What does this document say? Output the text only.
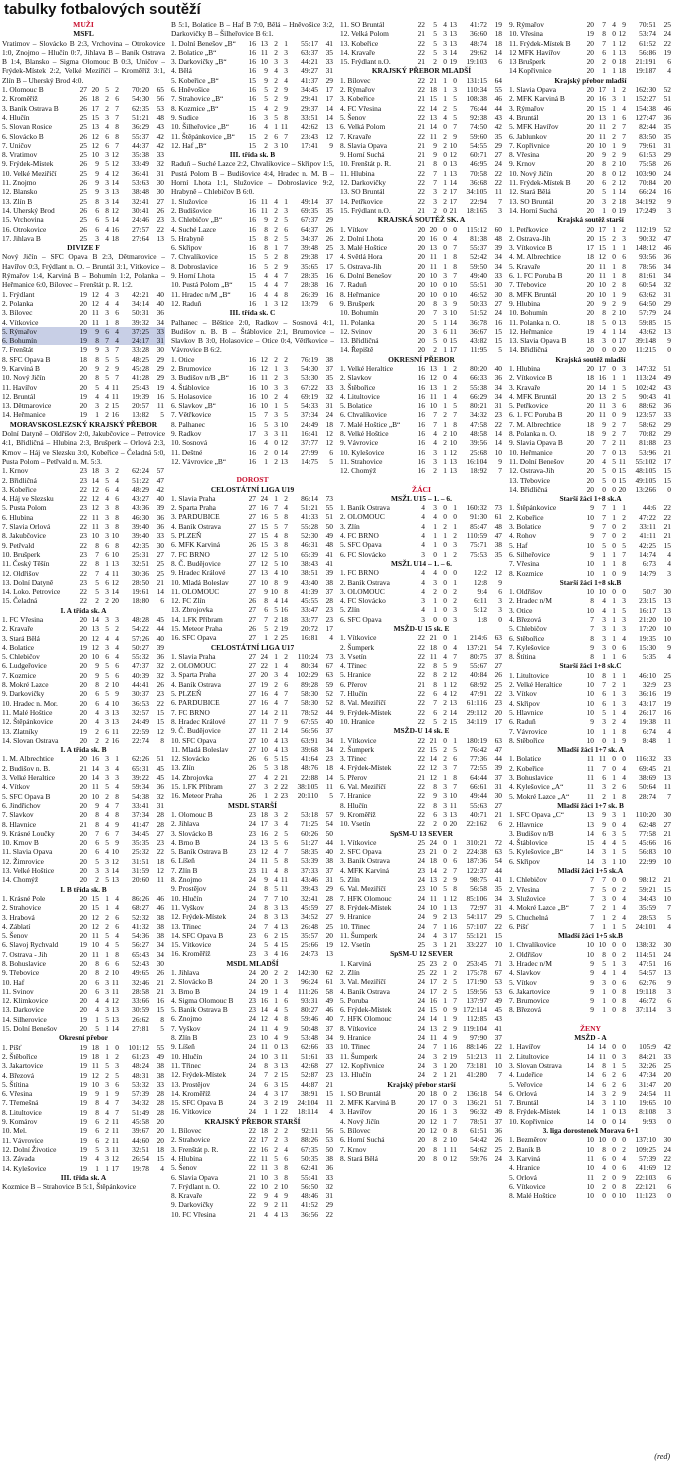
tabulky fotbalových soutěží
MUŽI
MSFL
Vratimov – Slovácko B 2:3, Vrchovina – Otrokovice 1:0, Znojmo – Hlučín 0:7, Jihlava B – Baník Ostrava B 1:4, Blansko – Sigma Olomouc B 0:3, Uničov – Frýdek-Místek 2:2, Velké Meziříčí – Kroměříž 3:1, Zlín B – Uherský Brod 4:0.
1. Olomouc B	27 20 5 2	70:20	65
2. Kroměříž	26 18 2 6	54:30	56
3. Baník Ostrava B	26 17 2 7	62:35	53
4. Hlučín	25 15 3 7	51:21	48
5. Slovan Rosice	25 13 4 8	36:29	43
6. Slovácko B	26 12 6 8	55:37	42
7. Uničov	25 12 6 7	44:37	42
8. Vratimov	25 10 3 12	35:38	33
9. Frýdek-Místek	26	9 5 12	33:49	32
10. Velké Meziříčí	25	9 4 12	36:41	31
11. Znojmo	26	9 3 14	53:63	30
12. Blansko	25	9 3 13	38:48	30
13. Zlín B	25	8 3 14	32:41	27
14. Uherský Brod	26	6 8 12	30:41	26
15. Vrchovina	25	6 5 14	24:46	23
16. Otrokovice	26	6 4 16	27:57	22
17. Jihlava B	25	3 4 18	27:64	13
DIVIZE F
Nový Jičín – SFC Opava B 2:3, Dětmarovice – Havířov 0:3, Frýdlant n. O. – Bruntál 3:1, Vítkovice – Rýmařov 1:4, Karviná B – Bohumín 1:2, Polanka – Heřmanice 6:0, Bílovec – Frenštát p. R. 1:2.
1. Frýdlant	19 12 4 3	42:21	40
2. Polanka	20 12 4 4	34:14	40
3. Bílovec	20 11 3 6	50:31	36
4. Vítkovice	20 11 1 8	39:32	34
5. Rýmařov	19	9 6 4	37:25	33
6. Bohumín	19	8 7 4	24:17	31
7. Frenštát	19	9 3 7	33:28	30
8. SFC Opava B	18	8 5 5	48:25	29
9. Karviná B	20	9 2 9	45:28	29
10. Nový Jičín	20	8 5 7	41:28	29
11. Havířov	20	5 4 11	25:43	19
12. Bruntál	19	4 4 11	19:39	16
13. Dětmarovice	20	3 2 15	20:57	11
14. Heřmanice	19	1 2 16	13:82	5
MORAVSKOSLEZSKÝ KRAJSKÝ PŘEBOR
Dolní Datyně – Oldřišov 2:0, Jakubčovice – Petrovice 4:1, Břidličná – Hlubina 2:3, Brušperk – Orlová 2:3, Krnov – Háj ve Slezsku 3:0, Kobeřice – Čeladná 5:0, Pusta Polom – Petřvald n. M. 5:3.
1. Krnov	23 18 3 2	62:24	57
2. Břidličná	23 14 5 4	51:22	47
3. Kobeřice	22 12 6 4	48:29	42
4. Háj ve Slezsku	22 12 4 6	43:27	40
5. Pusta Polom	23 12 3 8	43:36	39
6. Hlubina	22 11 3 8	46:30	36
7. Slavia Orlová	22 11 3 8	39:40	36
8. Jakubčovice	23 10 3 10	39:40	33
9. Petřvald	22	8 6 8	42:35	30
10. Brušperk	23	7 6 10	25:31	27
11. Český Těšín	22	8 1 13	32:51	25
12. Oldřišov	22	7 4 11	30:36	25
13. Dolní Datyně	23	5 6 12	28:50	21
14. Loko. Petrovice	22	5 3 14	19:61	14
15. Čeladná	22	2 2 20	18:80	6
I. A třída sk. A
1. FC Vřesina	20 14 3 3	48:28	45
2. Kravaře	20 13 5 2	54:22	44
3. Stará Bělá	20 12 4 4	57:26	40
4. Bolatice	19 12 3 4	50:27	39
5. Chlebičov	20 10 6 4	55:32	36
6. Ludgeřovice	20	9 5 6	47:37	32
7. Kozmice	20	9 5 6	40:39	32
8. Mokré Lazce	20	8 2 10	44:41	26
9. Darkovičky	20	6 5 9	30:37	23
10. Hradec n. Mor.	20	6 4 10	36:53	22
11. Malé Hoštice	20	4 3 13	32:57	15
12. Štěpánkovice	20	4 3 13	24:49	15
13. Zlatníky	19	2 6 11	22:59	12
14. Slovan Ostrava	20	2 2 16	22:74	8
I. A třída sk. B
1. M. Albrechtice	20 16 3 1	62:26	51
2. Budišov n. B.	21 14 3 4	65:31	45
3. Velké Heraltice	20 14 3 3	39:22	45
4. Vítkov	20 11 5 4	59:34	36
5. SFC Opava B	20 10 2 8	54:38	32
6. Jindřichov	20	9 4 7	33:41	31
7. Slavkov	20	8 4 8	37:34	28
8. Hlavnice	21	8 4 9	41:47	28
9. Krásné Loučky	20	7 6 7	34:45	27
10. Krnov B	20	6 5 9	35:35	23
11. Slavia Opava	20	6 4 10	25:32	22
12. Žimrovice	20	5 3 12	31:51	18
13. Velké Hoštice	20	3 3 14	31:59	12
14. Chomýž	20	2 5 13	20:60	11
I. B třída sk. B
1. Krásné Pole	20 15 1 4	86:26	46
2. Strahovice	20 15 1 4	68:27	46
3. Hrabová	20 12 2 6	52:32	38
4. Záblatí	20 12 2 6	41:32	38
5. Šenov	20 11 5 4	54:36	38
6. Slavoj Rychvald	19 10 4 5	56:27	34
7. Ostrava - Jih	20 11 1 8	65:43	34
8. Bohuslavice	20	8 6 6	52:43	30
9. Třebovice	20	8 2 10	49:65	26
10. Haf	20	6 3 11	32:46	21
11. Svinov	20	6 3 11	28:58	21
12. Klimkovice	20	4 4 12	33:66	16
13. Darkovice	20	4 3 13	30:59	15
14. Silherovice	19	1 5 13	26:62	8
15. Dolní Benešov	20	5 1 14	27:81	5
Okresní přebor
1. Píšť	19 18 1 0	101:12	55
2. Štěbořice	19 18 1 2	61:23	49
3. Jakartovice	19 11 5 3	48:24	38
4. Březová	19 12 2 5	48:31	38
5. Štítina	19 10 3 6	53:32	33
6. Vřesina	19	9 1 9	57:39	28
7. Třemešná	19	8 4 7	34:32	28
8. Litultovice	19	8 4 7	51:49	28
9. Komárov	19	6 2 11	45:58	20
10. Mel.	19	6 2 11	39:67	20
11. Vávrovice	19	6 2 11	44:60	20
12. Dolní Životice	19	5 3 11	32:51	18
13. Závada	19	4 3 12	26:54	15
14. Kylešovice	19	1 1 17	19:78	4
III. třída sk. A
Kozmice B – Strahovice B 5:1, Štěpánkovice
B 5:1, Bolatice B – Haf B 7:0, Bělá – Hněvošice 3:2, Darkovičky B – Šilheřovice B 6:1.
1. Dolní Benešov „B“	16 13 2 1	55:17	41
2. Bolatice „B“	16 11 2 3	63:37	35
3. Darkovičky „B“	16 10 3 3	44:21	33
4. Bělá	16	9 4 3	49:27	31
5. Kobeřice „B“	15	9 2 4	41:37	29
6. Hněvošice	16	5 2 9	34:45	17
7. Strahovice „B“	16	5 2 9	29:41	17
8. Kozmice „B“	15	4 2 9	29:37	14
9. Sudice	16	3 5 8	33:51	14
10. Šilheřovice „B“	16	4 1 11	42:62	13
11. Štěpánkovice „B“	15	2 6 7	23:43	12
12. Haf „B“	15	2 3 10	17:41	9
III. třída sk. B
Raduň – Suché Lazce 2:2, Chvalíkovice – Skřipov 1:5, Pustá Polom B – Budišovice 4:4, Hradec n. M. B – Horní Lhota 1:1, Služovice – Dobroslavice 9:2, Hrabyně – Chlebičov B 6:0.
1. Služovice	16 11 4 1	49:14	37
2. Budišovice	16 11 2 3	69:35	35
3. Chlebičov „B“	16	9 2 5	67:37	29
4. Suché Lazce	16	8 2 6	64:37	26
5. Hrabyně	15	8 2 5	34:37	26
6. Skřipov	16	8 1 7	39:48	25
7. Chvalíkovice	15	5 2 8	29:38	17
8. Dobroslavice	16	5 2 9	35:65	17
9. Horní Lhota	15	4 4 7	28:35	16
10. Pustá Polom „B“	15	4 4 7	28:38	16
11. Hradec n/M „B“	16	4 4 8	26:39	16
12. Raduň	16	1 3 12	13:79	6
III. třída sk. C
Palhanec – Běštice 2:0, Radkov – Sosnová 4:1, Budišov n. B. B – Štáblovice 2:1, Brumovice – Slavkov B 3:0, Holasovice – Otice 0:4, Větřkovice – Vávrovice B 6:2.
1. Otice	16 12 2 2	76:19	38
2. Brumovice	16 12 1 3	54:30	37
3. Budišov n/B „B“	16 11 2 3	53:30	35
4. Štáblovice	16 10 3 3	67:22	33
5. Holasovice	16 10 2 4	69:19	32
6. Slavkov „B“	16 10 1 5	54:33	31
7. Větřkovice	15	7 3 5	37:34	24
8. Palhanec	16	5 3 10	24:49	18
9. Radkov	17	3 3 11	16:41	12
10. Sosnová	16	4 0 12	37:77	12
11. Deštné	16	2 0 14	27:99	6
12. Vávrovice „B“	16	1 2 13	14:75	5
DOROST
CELOSTÁTNÍ LIGA U19
1. Slavia Praha	27 24 1 2	86:14	73
2. Sparta Praha	27 16 7 4	51:21	55
3. PARDUBICE	27 16 5 8	41:33	51
4. Baník Ostrava	27 15 5 7	55:28	50
5. PLZEŇ	27 15 4 8	52:30	49
6. MFK Karviná	26 15 3 8	46:31	48
7. FC BRNO	27 12 5 10	65:39	41
8. Č. Budějovice	27 12 5 10	38:43	41
9. Hradec Králové	27 13 4 10	38:51	39
10. Mladá Boleslav	27 10 8 9	43:40	38
11. OLOMOUC	27	9 10 8	41:39	37
12. FC Zlín	26	8 4 14	45:55	28
13. Zbrojovka	27	6 5 16	33:47	23
14. 1.FK Příbram	27	7 2 18	33:77	23
15. Meteor Praha	26	5 2 19	20:72	17
16. SFC Opava	27	1 2 25	16:81	4
CELOSTÁTNÍ LIGA U17
1. Slavia Praha	27 24 1 2	110:24	73
2. OLOMOUC	27 22 1 4	80:34	67
3. Sparta Praha	27 20 3 4	102:29	63
4. Baník Ostrava	27 19 2 6	89:28	59
5. PLZEŇ	27 16 4 7	58:30	52
6. PARDUBICE	27 16 4 7	58:30	52
7. FC BRNO	27 14 2 11	78:52	44
8. Hradec Králové	27 11 7 9	67:55	40
9. Č. Budějovice	27 11 2 14	56:56	37
10. SFC Opava	27 10 4 13	63:91	34
11. Mladá Boleslav	27 10 4 13	39:68	34
12. Slovácko	26	6 5 15	41:64	23
13. Zlín	26	5 3 18	48:76	18
14. Zbrojovka	27	4 2 21	22:88	14
15. 1.FK Příbram	27	3 2 22	38:105	11
16. Meteor Praha	26	1 2 23	20:110	5
MSDL STARŠÍ
1. Olomouc B	23 18 3 2	53:18	57
2. Jihlava	24 17 3 4	71:25	54
3. Slovácko B	23 16 2 5	60:26	50
4. Brno B	24 13 5 6	51:27	44
5. Baník Ostrava B	23 12 4 7	58:35	40
6. Líšeň	24 11 5 8	53:39	38
7. Zlín B	23 11 4 8	37:33	37
8. Znojmo	24	9 4 11	43:46	31
9. Prostějov	24	8 5 11	39:43	29
10. Hlučín	24	7 7 10	32:41	28
11. Vyškov	24	8 3 13	45:59	27
12. Frýdek-Místek	24	8 3 13	34:52	27
13. Třinec	24	7 4 13	26:48	25
14. SFC Opava B	23	6 2 15	35:57	20
15. Vítkovice	24	5 4 15	25:66	19
16. Kroměříž	23	3 4 16	24:73	13
MSDL MLADŠÍ
1. Jihlava	24 20 2 2	142:30	62
2. Slovácko B	24 20 1 3	96:24	61
3. Brno B	24 19 1 4	111:26	58
4. Sigma Olomouc B	23 16 1 6	93:31	49
5. Baník Ostrava B	23 14 4 5	80:27	46
6. Znojmo	24 12 4 8	59:46	40
7. Vyškov	24 11 4 9	50:48	37
8. Zlín B	23 10 4 9	53:48	34
9. Líšeň	24 11 0 13	62:66	33
10. Hlučín	24 10 3 11	51:61	33
11. Třinec	24	8 3 13	42:68	27
12. Frýdek-Místek	24	7 2 15	52:87	23
13. Prostějov	24	6 3 15	44:87	21
14. Kroměříž	24	4 3 17	38:91	15
15. SFC Opava B	24	3 2 19	24:104	11
16. Vítkovice	24	1 1 22	18:114	4
KRAJSKÝ PŘEBOR STARŠÍ
1. Bílovec	22 18 2 2	92:11	56
2. Strahovice	22 17 2 3	88:26	53
3. Frenštát p. R.	22 16 2 4	67:35	50
4. Hlubina	22 11 5 6	50:35	38
5. Šenov	22 11 3 8	62:41	36
6. Slavia Opava	21 10 3 8	55:41	33
7. Frýdlant n. O.	22 10 2 10	56:50	32
8. Kravaře	22	9 4 9	48:46	31
9. Darkovičky	22	9 2 11	41:52	29
10. FC Vřesina	21	4 4 13	36:56	22
11. SO Bruntál	22	5 4 13	41:72	19
12. Velká Polom	21	5 3 13	36:60	18
13. Kobeřice	22	5 3 13	48:74	18
14. Kravaře	22	5 3 14	29:62	14
15. Frýdlant n.O.	21	2 0 19	19:103	6
KRAJSKÝ PŘEBOR MLADŠÍ
1. Bílovec	22 21 1 0	131:15	64
2. Rýmařov	22 18 1 3	110:34	55
3. Kobeřice	21 15 1 5	108:38	46
4. FC Vřesina	22 14 2 5	76:44	44
5. Šenov	22 13 4 5	92:38	43
6. Velká Polom	21 14 0 7	74:50	42
7. Kravaře	22 11 2 9	59:60	35
8. Slavia Opava	21	9 2 10	54:55	29
9. Horní Suchá	21	9 0 12	60:71	27
10. Frenštát p. R.	21	8 0 13	46:95	24
11. Hlubina	22	7 1 13	70:58	22
12. Darkovičky	22	7 1 14	36:68	22
13. SO Bruntál	22	3 2 17	34:105	11
14. Petřkovice	22	3 2 17	22:94	7
15. Frýdlant n.O.	21	2 0 21	18:165	3
KRAJSKÁ SOUTĚŽ SK. A
1. Vítkov	20 20 0 0	115:12	60
2. Dolní Lhota	20 16 0 4	81:38	48
3. Malé Hoštice	20 13 0 7	55:37	39
4. Světlá Hora	20 11 1 8	52:42	34
5. Ostrava-Jih	20 11 1 8	59:50	34
6. Dolní Benešov	20 10 3 7	49:40	33
7. Raduň	20 10 0 10	55:51	30
8. Heřmanice	20 10 0 10	46:52	30
9. Brušperk	20	8 3 9	50:33	27
10. Bohumín	20	7 3 10	51:52	24
11. Polanka	20	5 1 14	36:78	16
12. Svinov	20	3 6 11	36:67	15
13. Břidličná	20	5 0 15	43:82	15
14. Řepiště	20	2 1 17	11:95	5
OKRESNÍ PŘEBOR
1. Velké Heraltice	16 13 1 2	80:20	40
2. Slavkov	16 12 0 4	66:33	36
3. Štěbořice	16 13 1 2	55:38	34
4. Litultovice	16 11 1 4	66:29	34
5. Bolatice	16 10 1 5	80:21	31
6. Chvalíkovice	16	7 2 7	34:32	23
7. Malé Hoštice „B“	16	7 1 8	47:58	22
8. Velké Hoštice	16	4 2 10	48:58	14
9. Vávrovice	16	4 2 10	39:56	14
10. Kylešovice	16	3 1 12	25:68	10
11. Strahovice	16	3 1 13	16:104	9
12. Chomýž	16	2 1 13	18:92	7
ŽÁCI
MSŽL U15 – 1. – 6.
1. Baník Ostrava	4	3 0 1	160:32	73
2. OLOMOUC	4	4 0 0	91:30	61
3. Zlín	4	1 2 1	85:47	48
4. FC BRNO	4	1 1 2	110:59	47
5. SFC Opava	4	1 0 3	75:71	38
6. FC Slovácko	3	0 1 2	75:53	35
MSŽL U14 – 1. – 6.
1. FC BRNO	4	4 0 0	12:2	12
2. Baník Ostrava	4	3 0 1	12:8	9
3. OLOMOUC	4	2 0 2	9:4	6
4. FC Slovácko	3	1 0 2	6:11	3
5. Zlín	4	1 0 3	5:12	3
6. SFC Opava	3	0 0 3	1:8	0
MSŽD-U 15 sk. E
1. Vítkovice	22 21 0 1	214:6	63
2. Šumperk	22 18 0 4	137:21	54
3. Vsetín	22 11 4 7	80:75	37
4. Třinec	22	8 5 9	55:67	27
5. Hranice	22	8 2 12	40:84	26
6. Přerov	21	8 1 12	68:92	25
7. Hlučín	22	6 4 12	47:91	22
8. Val. Meziříčí	22	7 2 13	61:116	23
9. Frýdek-Místek	22	6 2 14	29:112	20
10. Hranice	22	5 2 15	34:119	17
MSŽD-U 14 sk. E
1. Vítkovice	22 21 0 1	180:19	63
2. Šumperk	22 15 2 5	76:42	47
3. Třinec	22 14 2 6	77:36	44
4. Frýdek-Místek	22 12 3 7	72:55	39
5. Přerov	21 12 1 8	64:44	37
6. Val. Meziříčí	22	8 3 7	66:61	31
7. Hranice	22	9 3 10	49:44	30
8. Hlučín	22	8 3 11	55:63	27
9. Kroměříž	22	6 3 13	40:71	21
10. Vsetín	22	2 0 20	22:162	6
SpSM-U 13 SEVER
1. Vítkovice	25 24 0 1	310:21	72
2. SFC Opava	23 21 0 2	224:38	63
3. Baník Ostrava	24 18 0 6	187:36	54
4. MFK Karviná	23 14 2 7	122:37	44
5. Zlín	24 13 2 9	98:75	41
6. Val. Meziříčí	23 10 5 8	56:58	35
7. HFK Olomouc	24 11 1 12	85:106	34
8. Frýdek-Místek	24 10 1 13	72:97	31
9. Hranice	24	9 2 13	54:117	29
10. Třinec	24	7 1 16	57:107	22
11. Šumperk	24	4 3 17	55:121	15
12. Vsetín	25	3 1 21	33:227	10
SpSM-U 12 SEVER
1. Karviná	25 23 2 0	253:45	71
2. Zlín	25 22 1 2	175:78	67
3. Val. Meziříčí	24 17 2 5	171:90	53
4. Baník Ostrava	24 17 2 5	159:56	53
5. Poruba	24 16 1 7	137:97	49
6. Frýdek-Místek	24 15 0 9 172:114	45
7. HFK Olomouc	24 14 1 9	112:85	43
8. Vítkovice	24 13 2 9 119:104	41
9. Hranice	24 11 4 9	97:90	37
10. Třinec	24	7 1 16	88:146	22
11. Šumperk	24	3 2 19	51:213	11
12. Kopřivnice	24	3 1 20	73:181	10
13. Hlučín	24	2 1 21	41:280	7
Krajský přebor starší
1. SO Bruntál	20 18 0 2	136:18	54
2. MFK Karviná B	20 17 0 3	136:21	51
3. Havířov	20 16 1 3	96:32	49
4. Nový Jičín	20 12 1 7	78:51	37
5. Bílovec	20 12 0 8	61:51	36
6. Horní Suchá	20	8 2 10	54:42	26
7. Krnov	20	8 1 11	54:62	25
8. Stará Bělá	20	8 0 12	59:76	24
9. Rýmařov	20	7 4 9	70:51	25
10. Vřesina	19	8 0 12	53:74	24
11. Frýdek-Místek B	20	7 1 12	61:52	22
12 MFK Havířov	20	6 1 13	56:86	19
13 Brušperk	20	2 0 18	21:191	6
14 Kopřivnice	20	1 1 18	19:187	4
Krajský přebor mladší
1. Slavia Opava	20 17 1 2	162:30	52
2. MFK Karviná B	20 16 3 1	152:27	51
3. Rýmařov	20 15 1 4	154:38	46
4. Bruntál	20 13 1 6	127:47	36
5. MFK Havířov	20 11 2 7	82:44	35
6. Jablunkov	20 11 2 7	83:50	35
7. Kopřivnice	20 10 1 9	79:61	31
8. Vřesina	20	9 2 9	61:53	29
9. Krnov	20	8 2 10	75:58	26
10. Nový Jičín	20	8 0 12	103:90	24
11. Frýdek-Místek B	20	6 2 12	70:84	20
12. Stará Bělá	20	5 1 14	66:24	16
13. SO Bruntál	20	3 2 18	34:192	9
14. Horní Suchá	20	1 0 19	17:249	3
Krajská soutěž starší
1. Petřkovice	20 17 1 2	112:19	52
2. Ostrava-Jih	20 15 2 3	90:32	47
3. Vítkovice B	17 15 1 1	148:12	46
4. M. Albrechtice	18 12 0 6	93:56	36
5. Kravaře	20 11 1 8	78:56	34
6. 1. FC Poruba B	20 11 1 8	81:61	34
7. Třebovice	20 10 2 8	60:54	32
8. MFK Bruntál	20 10 1 9	63:62	31
9. Hlubina	20	9 2 9	64:50	29
10. Bohumín	20	8 2 10	57:79	24
11. Polanka n. O.	18	5 0 13	59:85	15
12. Heřmanice	19	4 1 14	43:62	13
13. Slavia Opava B	18	3 0 17	39:148	9
14. Břidličná	20	0 0 20	11:215	0
Krajská soutěž mladší
1. Hlubina	20 17 0 3	147:32	51
2. Vítkovice B	18 16 1 1	113:24	49
3. Kravaře	20 14 1 5	102:42	43
4. MFK Bruntál	20 13 2 5	90:43	41
5. Petřkovice	20 11 3 6	88:62	36
6. 1. FC Poruba B	20 11 0 9	123:57	33
7. M. Albrechtice	18	9 2 7	58:62	29
8. Polanka n. O.	18	9 2 7	70:82	29
9. Slavia Opava B	20	7 2 11	81:88	23
10. Heřmanice	20	7 0 13	53:96	21
11. Dolní Benešov	20	4 5 11	55:102	17
12. Ostrava-Jih	20	5 0 15	48:105	15
13. Třebovice	20	5 0 15	49:105	15
14. Břidličná	20	0 0 20	13:266	0
Starší žáci 1+8 sk.A
1. Štěpánkovice	9	7 1 1	44:6	22
2. Kobeřice	10	7 1 2	47:22	22
3. Bolatice	9	7 0 2	33:11	21
4. Rohov	9	7 0 2	41:11	21
5. Haf	10	5 0 5	42:25	15
6. Silheřovice	9	1 1 7	14:74	4
7. Vřesina	10	1 1 8	6:73	4
8. Kozmice	10	1 0 9	14:79	3
Starší žáci 1+8 sk.B
1. Oldřišov	10 10 0 0	50:7	30
2. Hradec n/M	8	4 1 3	23:15	13
3. Otice	10	4 1 5	16:17	13
4. Březová	7	3 1 3	21:20	10
5. Chlebičov	7	3 1 3	17:20	10
6. Stěbořice	8	3 1 4	19:35	10
7. Kylešovice	9	3 0 6	15:30	9
8. Štítina	8	1 1 6	5:35	4
Starší žáci 1+8 sk.C
1. Litultovice	10	8 1 1	46:10	25
2. Velké Heraltice	10	7 2 1	32:9	23
3. Vítkov	10	6 1 3	36:16	19
4. Skřipov	10	6 1 3	43:17	19
5. Hlavnice	10	5 1 4	26:17	16
6. Raduň	9	3 2 4	19:38	11
7. Vávrovice	10	1 1 8	6:74	4
8. Stěbořice	10	0 1 9	8:48	1
Mladší žáci 1+7 sk. A
1. Bolatice	11 11 0 0	116:32	33
2. Kobeřice	11	7 0 4	69:45	21
3. Bohuslavice	11	6 1 4	38:69	13
4. Kylešovice „A“	11	3 2 6	50:64	11
5. Mokré Lazce „A“	11	2 1 8	28:74	7
Mladší žáci 1+7 sk. B
1. SFC Opava „C“	13	9 3 1	110:20	30
2. Hlavnice	13	9 0 4	62:48	27
3. Budišov n/B	14	6 3 5	77:58	21
4. Štáblovice	15	4 4 5	45:66	16
5. Kylešovice „B“	14	3 1 5	56:83	10
6. Skřipov	14	3 1 10	22:99	10
Mladší žáci 1+5 sk.A
1. Chlebičov	7	7 0 0	98:12	21
2. Vřesina	7	5 0 2	59:21	15
3. Služovice	7	3 0 4	34:43	10
4. Mokré Lazce „B“	7	2 1 4	35:59	7
5. Chuchelná	7	1 2 4	28:53	5
6. Píšť	7	1 1 5	24:101	4
Mladší žáci 1+5 sk.B
1. Chvalíkovice	10 10 0 0	138:32	30
2. Oldřišov	10	8 0 2	114:51	24
3. Hradec n/M	9	5 1 3	47:51	16
4. Slavkov	9	4 1 4	54:57	13
5. Vítkov	9	3 0 6	62:76	9
6. Jakartovice	9	1 0 8	19:118	3
7. Brumovice	9	1 0 8	46:72	6
8. Březová	9	1 0 8	37:114	3
ŽENY
MSŽD - A
1. Havířov	14 14 0 0	105:9	42
2. Litultovice	14 11 0 3	84:21	33
3. Slovan Ostrava	14	8 1 5	32:26	25
4. Ludeřice	14	6 2 6	47:34	20
5. Veřovice	14	6 2 6	31:47	20
6. Orlová	14	3 2 9	24:54	11
7. Bruntál	14	3 1 10	19:65	10
8. Frýdek-Místek	14	1 0 13	8:108	3
10. Kopřivnice	14	0 0 14	9:93	0
3. liga dorostenek Morava 6+1
1. Bezměrov	10 10 0 0	137:10	30
2. Baník B	10	8 0 2	109:25	24
3. Karviná	11	6 0 4	57:39	22
4. Hranice	10	4 0 6	41:69	12
5. Orlová	11	2 0 9	22:103	6
6. Vítkovice	10	2 0 8	22:121	6
8. Malé Hoštice	10	0 0 10	11:123	0
(red)
